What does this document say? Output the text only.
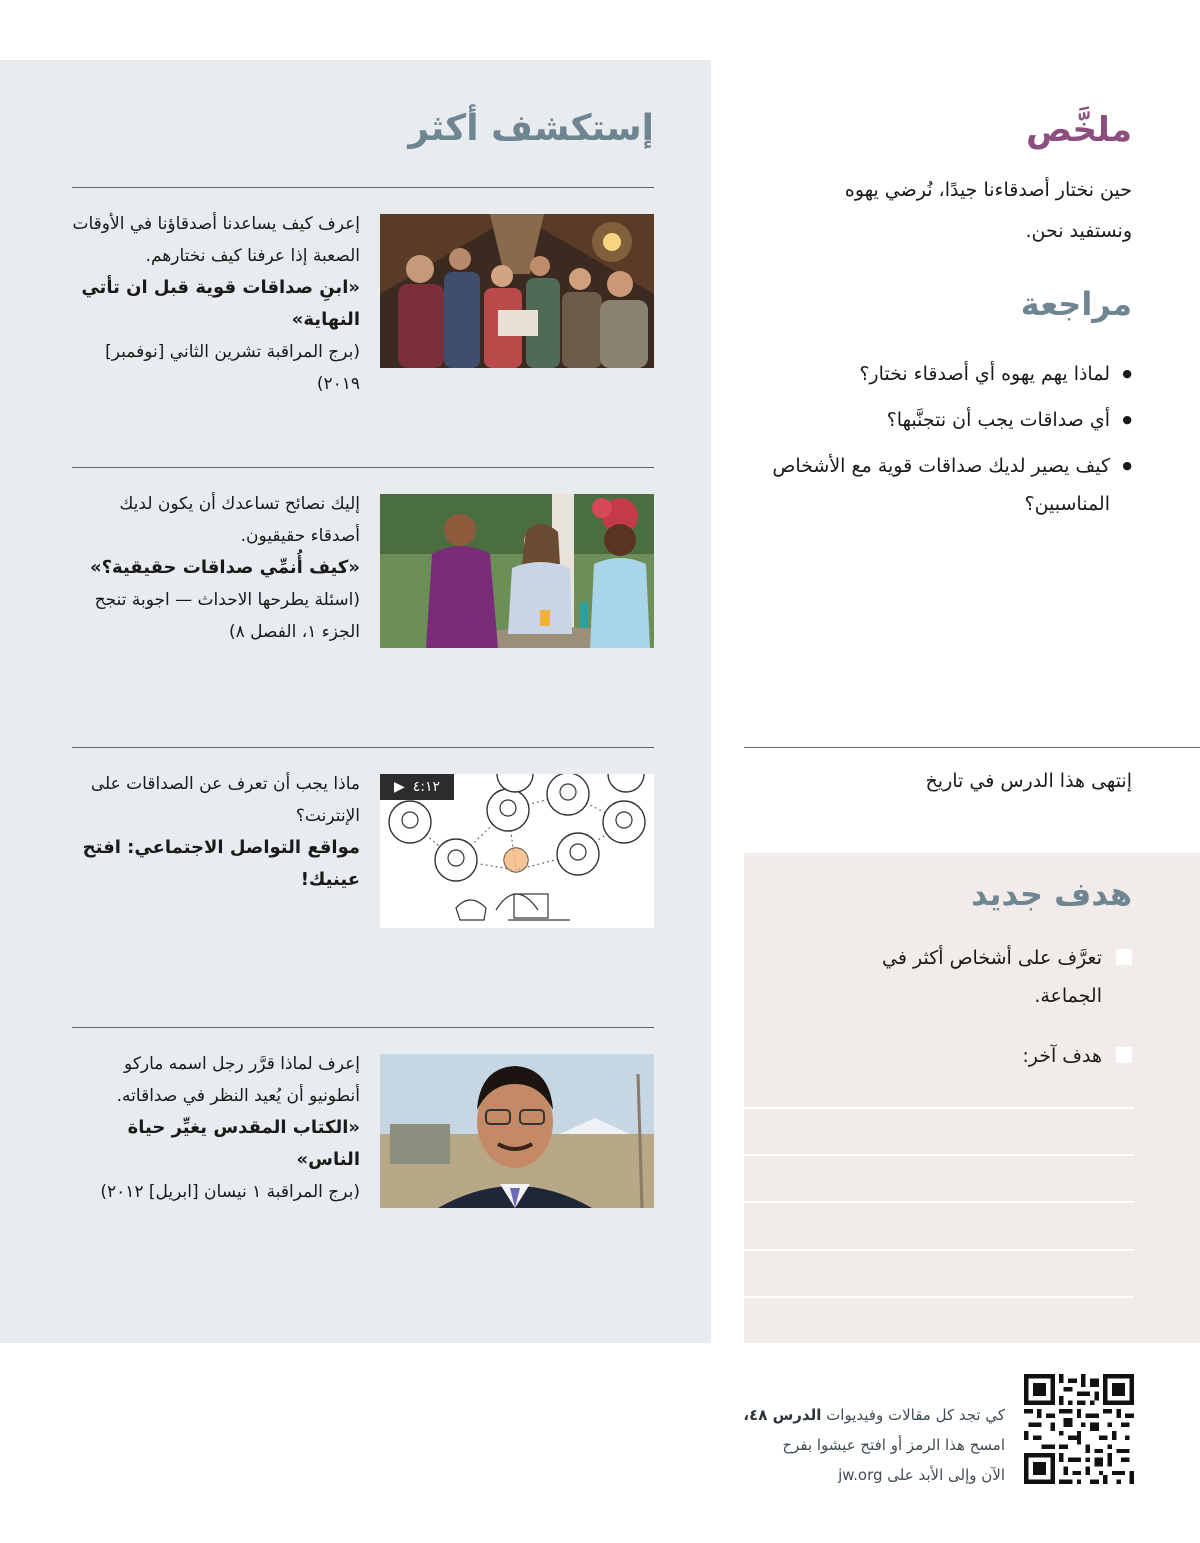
إستكشف أكثر

إعرف كيف يساعدنا أصدقاؤنا في الأوقات الصعبة إذا عرفنا كيف نختارهم.

«ابنِ صداقات قوية قبل ان تأتي النهاية»

(برج المراقبة تشرين الثاني [نوفمبر] ٢٠١٩)

إليك نصائح تساعدك أن يكون لديك أصدقاء حقيقيون.

«كيف أُنمِّي صداقات حقيقية؟»

(اسئلة يطرحها الاحداث — اجوبة تنجح الجزء ١، الفصل ٨)

▶ ٤:١٢

ماذا يجب أن تعرف عن الصداقات على الإنترنت؟

مواقع التواصل الاجتماعي: افتح عينيك!

إعرف لماذا قرَّر رجل اسمه ماركو أنطونيو أن يُعيد النظر في صداقاته.

«الكتاب المقدس يغيِّر حياة الناس»

(برج المراقبة ١ نيسان [ابريل] ٢٠١٢)

ملخَّص

حين نختار أصدقاءنا جيدًا، نُرضي يهوه ونستفيد نحن.

مراجعة
● لماذا يهم يهوه أي أصدقاء نختار؟
● أي صداقات يجب أن نتجنَّبها؟
● كيف يصير لديك صداقات قوية مع الأشخاص المناسبين؟

إنتهى هذا الدرس في تاريخ

هدف جديد
تعرَّف على أشخاص أكثر في الجماعة.
هدف آخر:
كي تجد كل مقالات وفيديوات الدرس ٤٨،
امسح هذا الرمز أو افتح عيشوا بفرح
الآن وإلى الأبد على jw.org
